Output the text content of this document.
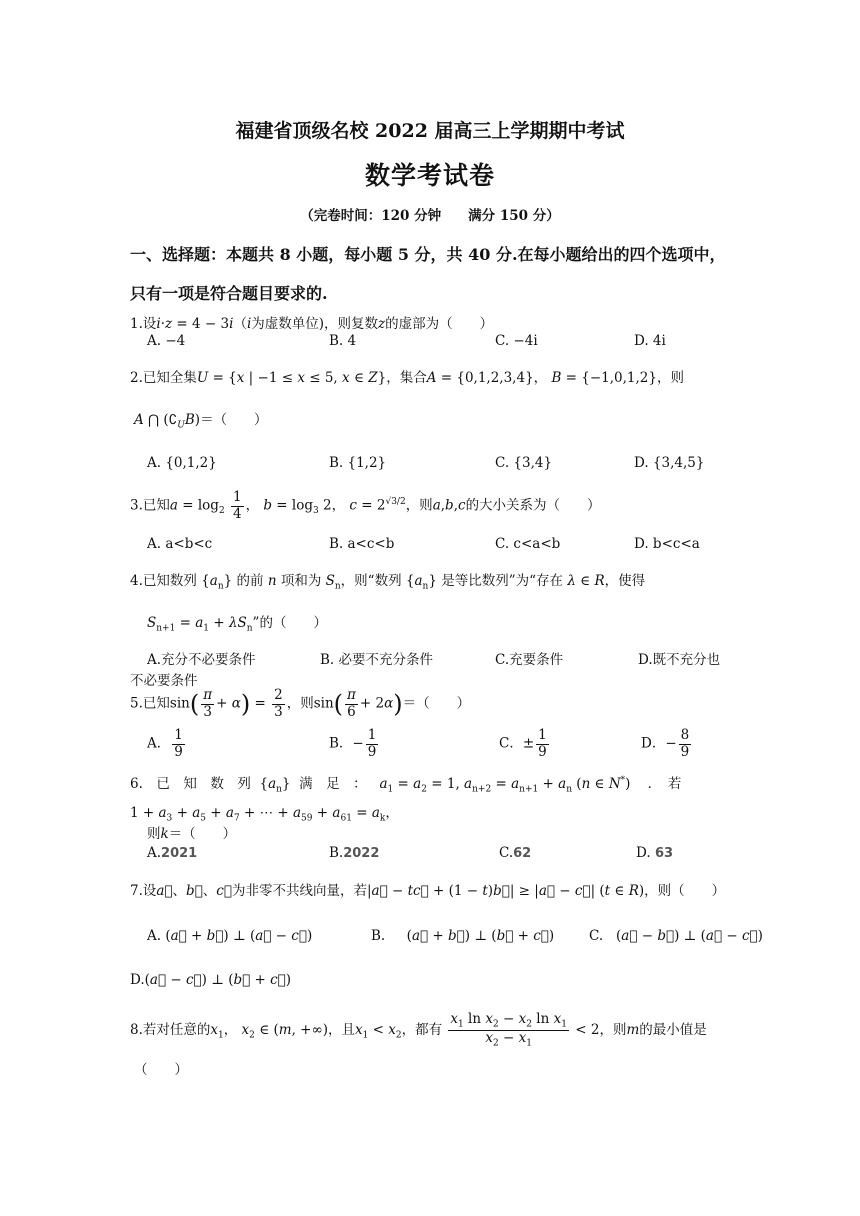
福建省顶级名校 2022 届高三上学期期中考试
数学考试卷
（完卷时间：120 分钟　　满分 150 分）
一、选择题：本题共 8 小题，每小题 5 分，共 40 分.在每小题给出的四个选项中，
只有一项是符合题目要求的.
1.设i·z = 4 − 3i（i为虚数单位)，则复数z的虚部为（　　）
A. −4	B. 4	C. −4i	D. 4i
2.已知全集U = {x | −1 ≤ x ≤ 5, x ∈ Z}，集合A = {0,1,2,3,4}， B = {−1,0,1,2}，则
A ⋂ $(∁_UB)=$（　　）
A. {0,1,2}	B. {1,2}	C. {3,4}	D. {3,4,5}
3.已知$a = \log_2 \frac{1}{4}$ ， $b = \log_3 2$， $c = 2^{√3/2}$，则a,b,c的大小关系为（　　）
A. a<b<c	B. a<c<b	C. c<a<b	D. b<c<a
4.已知数列 $\{a_n\}$ 的前 n 项和为 $S_n$，则“数列 $\{a_n\}$ 是等比数列”为“存在 λ ∈ R，使得
$S_{n+1} = a_1 + \lambda S_n$”的（　　）
A.充分不必要条件	B. 必要不充分条件	C.充要条件	D.既不充分也
不必要条件
5.已知$\sin( \frac{\pi}{3} + \alpha) = \frac{2}{3}$ ，则$\sin( \frac{\pi}{6} + 2\alpha)=$（　　）
A． $\frac{1}{9}$	B．− $\frac{1}{9}$	C．± $\frac{1}{9}$	D．− $\frac{8}{9}$
6.　已　知　数　列  $\{a_n\}$  满　足　： $a_1 = a_2 = 1$, $a_{n+2} = a_{n+1} + a_n$ (n ∈ N*)    ．　若
$1 + a_3 + a_5 + a_7$ + ⋯ + $a_{59} + a_{61} = a_k$，
则k＝（　　）
A.2021	B.2022	C.62	D. 63
7.设a⃗、b⃗、c⃗为非零不共线向量，若|a⃗ − tc⃗ + (1 − t)b⃗| ≥ |a⃗ − c⃗| (t ∈ R)，则（　　）
A. (a⃗ + b⃗) ⊥ (a⃗ − c⃗)	B.     (a⃗ + b⃗) ⊥ (b⃗ + c⃗)	C.   (a⃗ − b⃗) ⊥ (a⃗ − c⃗)
D.(a⃗ − c⃗) ⊥ (b⃗ + c⃗)
8.若对任意的$x_1$， $x_2$ ∈ (m, +∞)，且$x_1 < x_2$，都有 $\frac{x_1 \ln x_2 - x_2 \ln x_1}{x_2 - x_1} < 2$，则m的最小值是
（　　）
